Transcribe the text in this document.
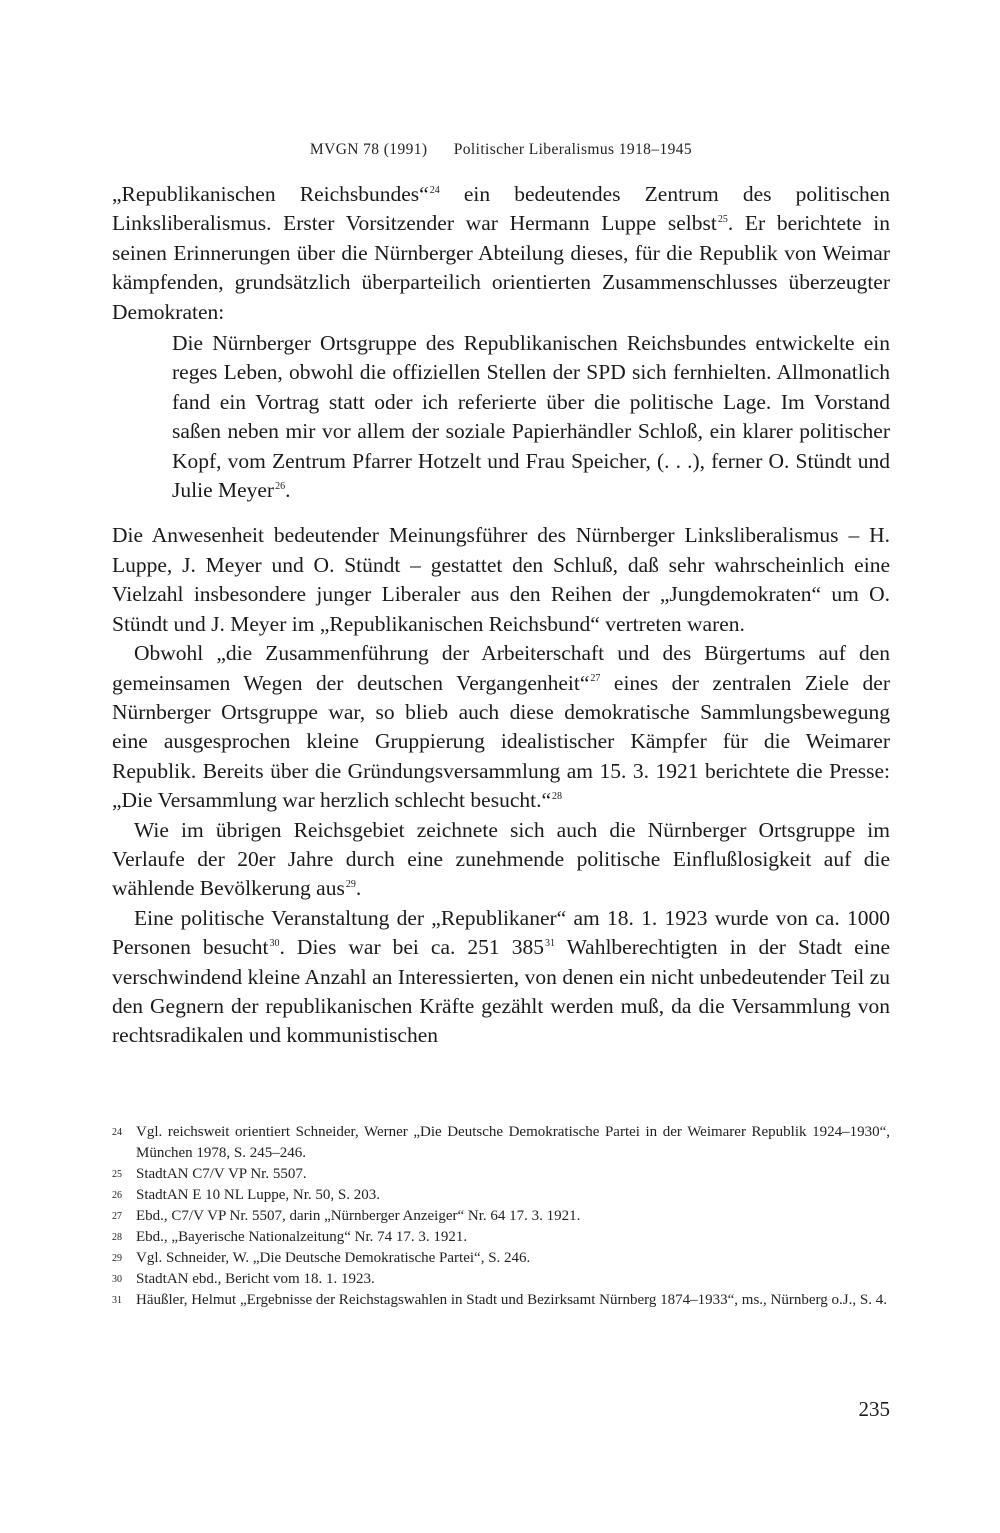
MVGN 78 (1991) Politischer Liberalismus 1918–1945

„Republikanischen Reichsbundes“$^{24}$ ein bedeutendes Zentrum des politischen Linksliberalismus. Erster Vorsitzender war Hermann Luppe selbst$^{25}$. Er berichtete in seinen Erinnerungen über die Nürnberger Abteilung dieses, für die Republik von Weimar kämpfenden, grundsätzlich überparteilich orientierten Zusammenschlusses überzeugter Demokraten:

Die Nürnberger Ortsgruppe des Republikanischen Reichsbundes entwickelte ein reges Leben, obwohl die offiziellen Stellen der SPD sich fernhielten. Allmonatlich fand ein Vortrag statt oder ich referierte über die politische Lage. Im Vorstand saßen neben mir vor allem der soziale Papierhändler Schloß, ein klarer politischer Kopf, vom Zentrum Pfarrer Hotzelt und Frau Speicher, (. . .), ferner O. Stündt und Julie Meyer$^{26}$.

Die Anwesenheit bedeutender Meinungsführer des Nürnberger Linksliberalismus – H. Luppe, J. Meyer und O. Stündt – gestattet den Schluß, daß sehr wahrscheinlich eine Vielzahl insbesondere junger Liberaler aus den Reihen der „Jungdemokraten“ um O. Stündt und J. Meyer im „Republikanischen Reichsbund“ vertreten waren.

Obwohl „die Zusammenführung der Arbeiterschaft und des Bürgertums auf den gemeinsamen Wegen der deutschen Vergangenheit“$^{27}$ eines der zentralen Ziele der Nürnberger Ortsgruppe war, so blieb auch diese demokratische Sammlungsbewegung eine ausgesprochen kleine Gruppierung idealistischer Kämpfer für die Weimarer Republik. Bereits über die Gründungsversammlung am 15. 3. 1921 berichtete die Presse: „Die Versammlung war herzlich schlecht besucht.“$^{28}$

Wie im übrigen Reichsgebiet zeichnete sich auch die Nürnberger Ortsgruppe im Verlaufe der 20er Jahre durch eine zunehmende politische Einflußlosigkeit auf die wählende Bevölkerung aus$^{29}$.

Eine politische Veranstaltung der „Republikaner“ am 18. 1. 1923 wurde von ca. 1000 Personen besucht$^{30}$. Dies war bei ca. 251 385$^{31}$ Wahlberechtigten in der Stadt eine verschwindend kleine Anzahl an Interessierten, von denen ein nicht unbedeutender Teil zu den Gegnern der republikanischen Kräfte gezählt werden muß, da die Versammlung von rechtsradikalen und kommunistischen

24 Vgl. reichsweit orientiert Schneider, Werner „Die Deutsche Demokratische Partei in der Weimarer Republik 1924–1930“, München 1978, S. 245–246.
25 StadtAN C7/V VP Nr. 5507.
26 StadtAN E 10 NL Luppe, Nr. 50, S. 203.
27 Ebd., C7/V VP Nr. 5507, darin „Nürnberger Anzeiger“ Nr. 64 17. 3. 1921.
28 Ebd., „Bayerische Nationalzeitung“ Nr. 74 17. 3. 1921.
29 Vgl. Schneider, W. „Die Deutsche Demokratische Partei“, S. 246.
30 StadtAN ebd., Bericht vom 18. 1. 1923.
31 Häußler, Helmut „Ergebnisse der Reichstagswahlen in Stadt und Bezirksamt Nürnberg 1874–1933“, ms., Nürnberg o.J., S. 4.
235
